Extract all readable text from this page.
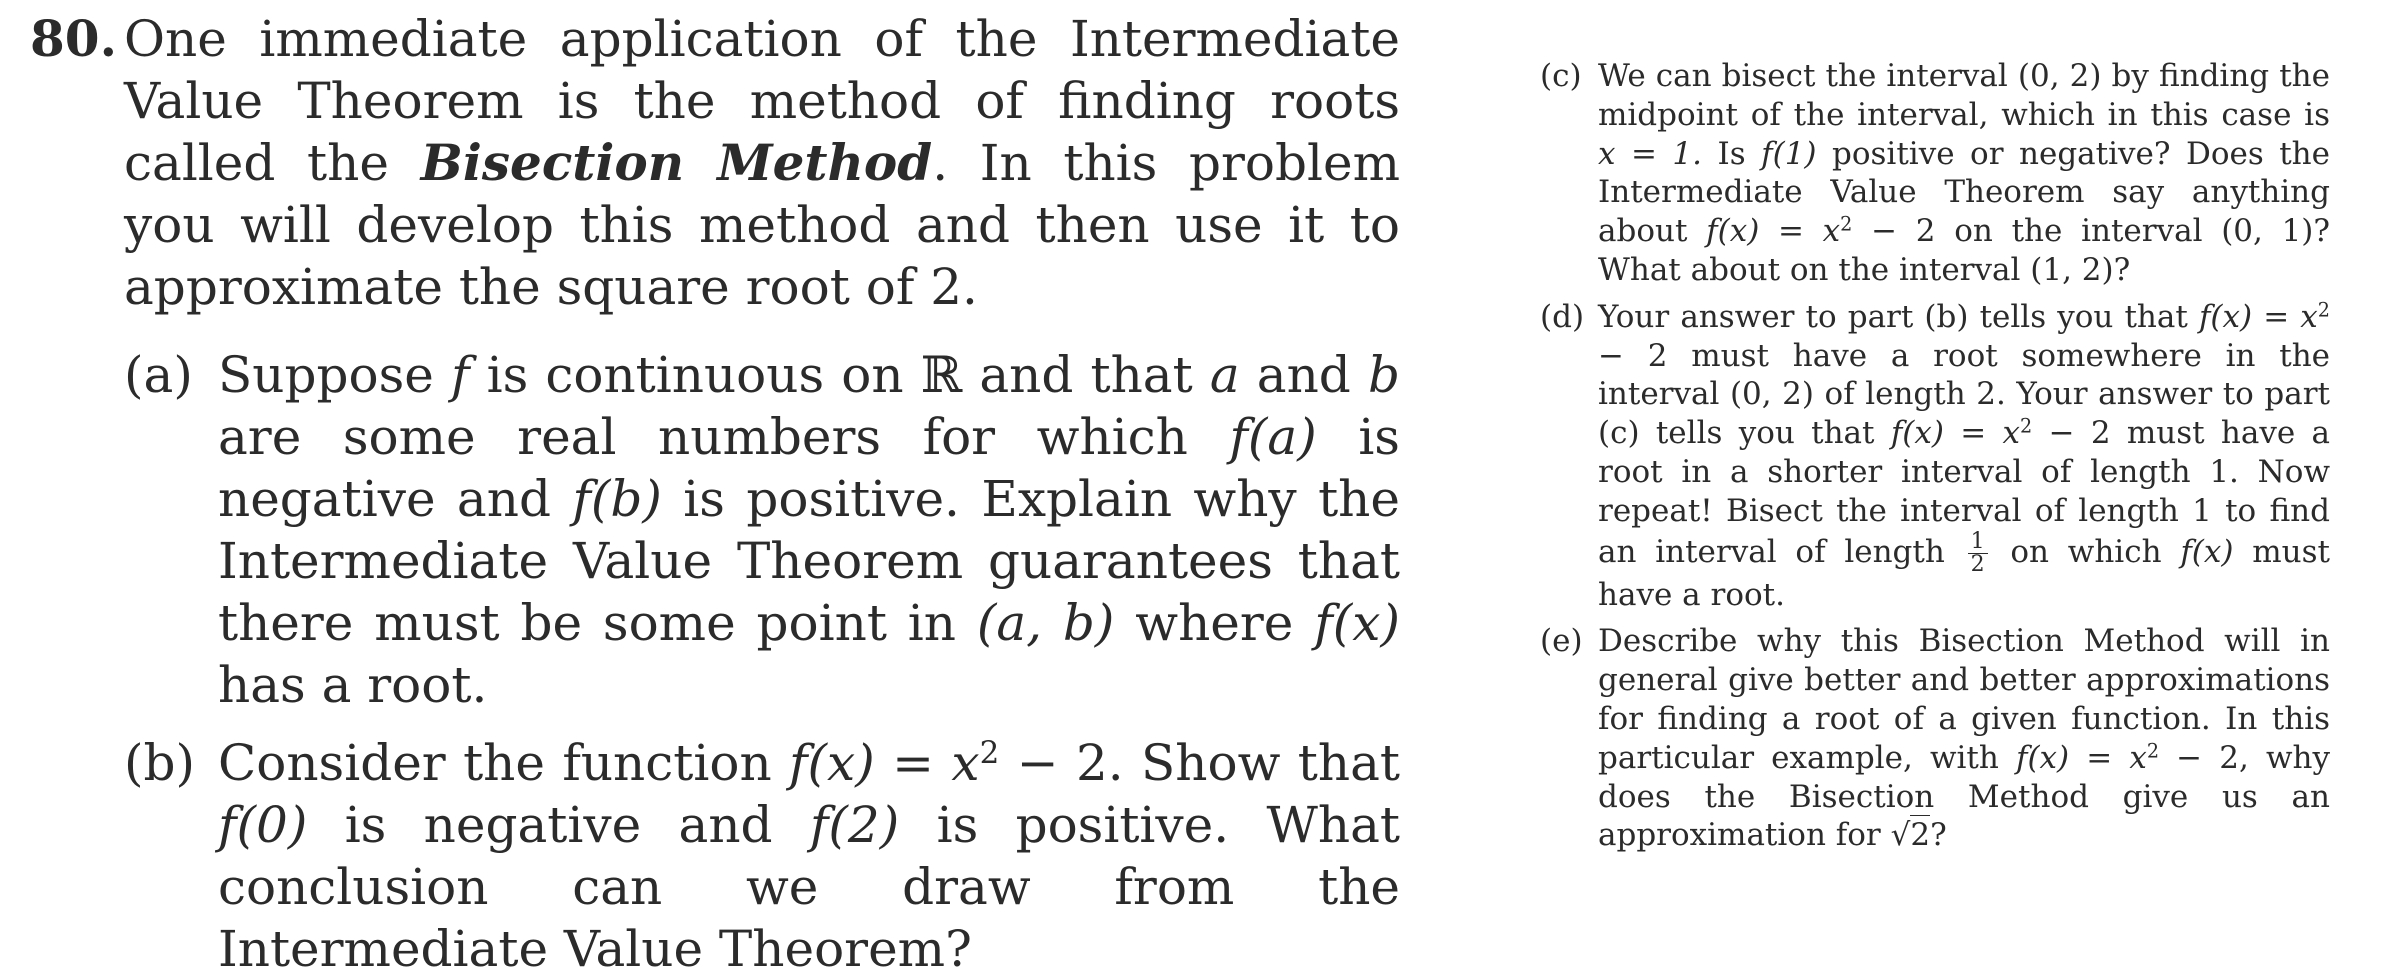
80. One immediate application of the Intermediate Value Theorem is the method of finding roots called the Bisection Method. In this problem you will develop this method and then use it to approximate the square root of 2.
(a) Suppose f is continuous on ℝ and that a and b are some real numbers for which f(a) is negative and f(b) is positive. Explain why the Intermediate Value Theorem guarantees that there must be some point in (a, b) where f(x) has a root.
(b) Consider the function $f(x) = x^2 - 2$. Show that f(0) is negative and f(2) is positive. What conclusion can we draw from the Intermediate Value Theorem?
(c) We can bisect the interval (0, 2) by finding the midpoint of the interval, which in this case is x = 1. Is f(1) positive or negative? Does the Intermediate Value Theorem say anything about $f(x) = x^2 - 2$ on the interval (0, 1)? What about on the interval (1, 2)?
(d) Your answer to part (b) tells you that $f(x) = x^2 - 2$ must have a root somewhere in the interval (0, 2) of length 2. Your answer to part (c) tells you that $f(x) = x^2 - 2$ must have a root in a shorter interval of length 1. Now repeat! Bisect the interval of length 1 to find an interval of length $\frac{1}{2}$ on which f(x) must have a root.
(e) Describe why this Bisection Method will in general give better and better approximations for finding a root of a given function. In this particular example, with $f(x) = x^2 - 2$, why does the Bisection Method give us an approximation for √2?
